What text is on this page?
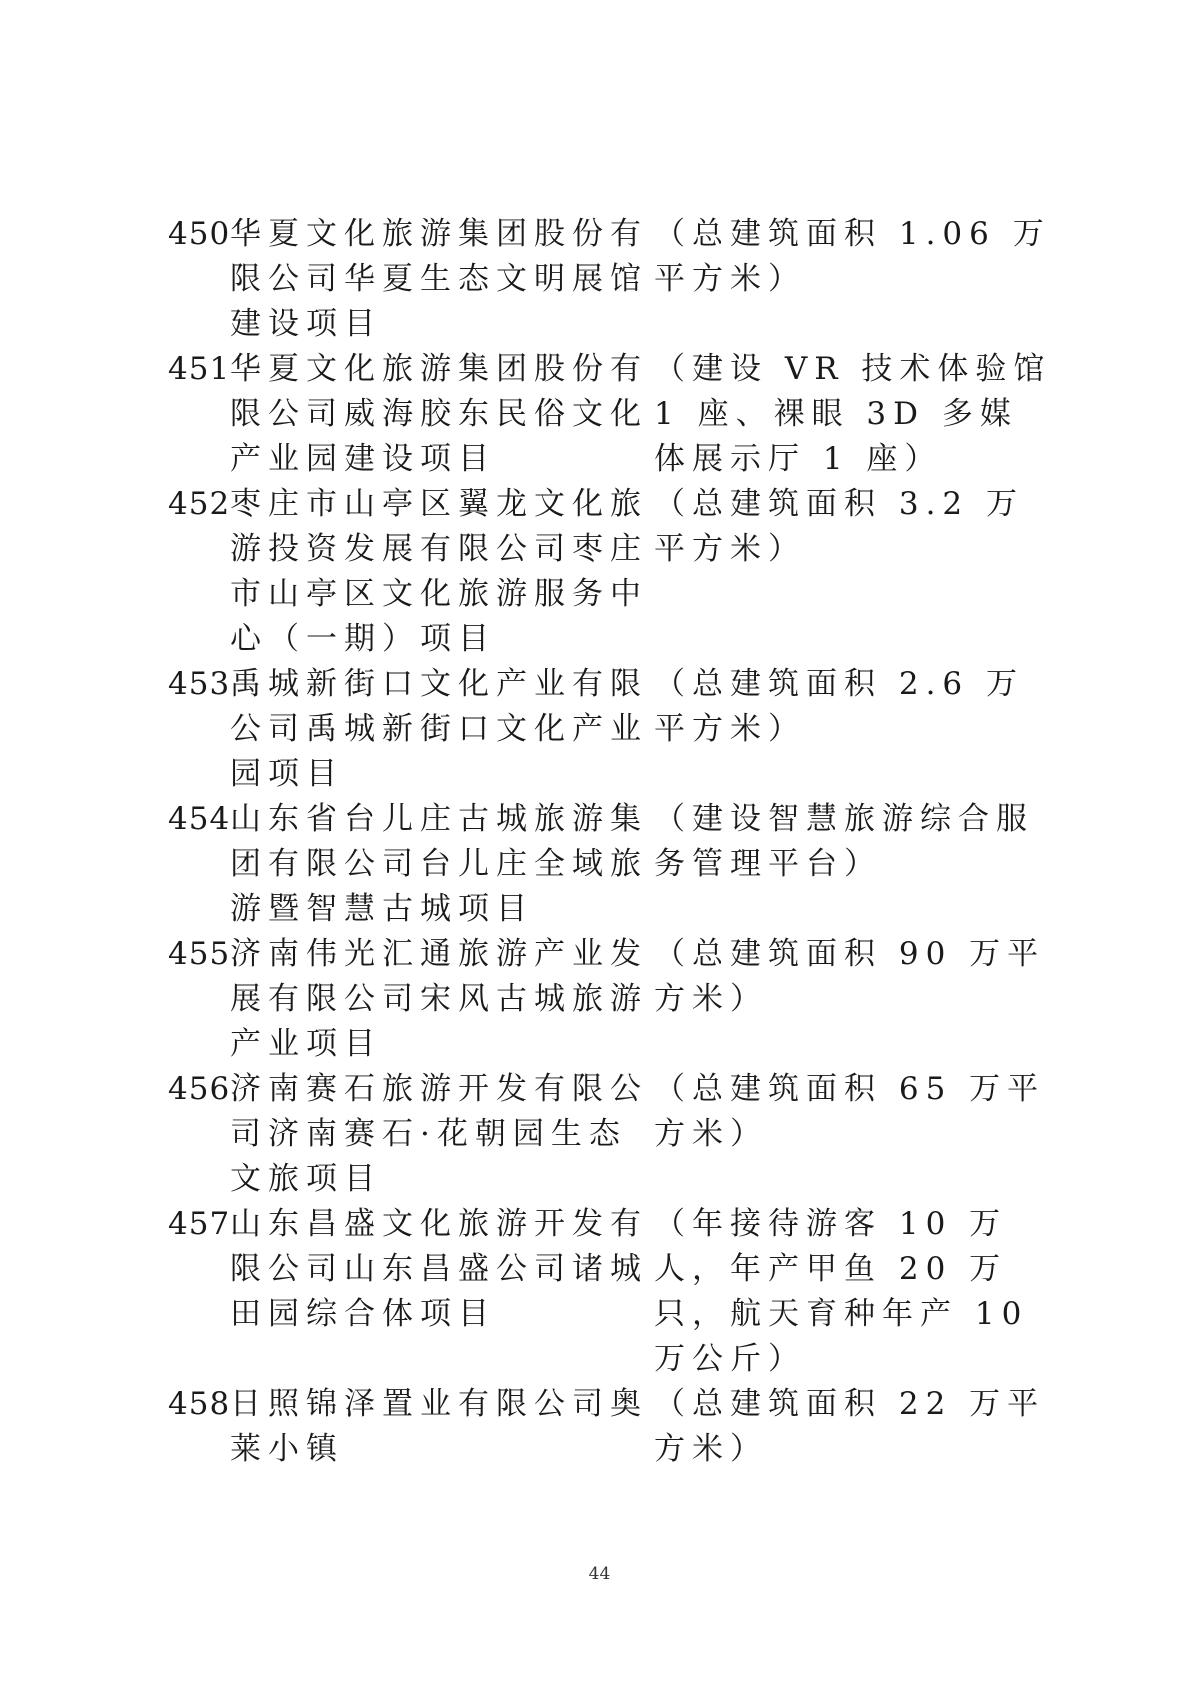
450 华夏文化旅游集团股份有限公司华夏生态文明展馆建设项目
（总建筑面积 1.06 万平方米）
451 华夏文化旅游集团股份有限公司威海胶东民俗文化产业园建设项目
（建设 VR 技术体验馆 1 座、裸眼 3D 多媒体展示厅 1 座）
452 枣庄市山亭区翼龙文化旅游投资发展有限公司枣庄市山亭区文化旅游服务中心（一期）项目
（总建筑面积 3.2 万平方米）
453 禹城新街口文化产业有限公司禹城新街口文化产业园项目
（总建筑面积 2.6 万平方米）
454 山东省台儿庄古城旅游集团有限公司台儿庄全域旅游暨智慧古城项目
（建设智慧旅游综合服务管理平台）
455 济南伟光汇通旅游产业发展有限公司宋风古城旅游产业项目
（总建筑面积 90 万平方米）
456 济南赛石旅游开发有限公司济南赛石·花朝园生态文旅项目
（总建筑面积 65 万平方米）
457 山东昌盛文化旅游开发有限公司山东昌盛公司诸城田园综合体项目
（年接待游客 10 万人，年产甲鱼 20 万只，航天育种年产 10 万公斤）
458 日照锦泽置业有限公司奥莱小镇
（总建筑面积 22 万平方米）
44
